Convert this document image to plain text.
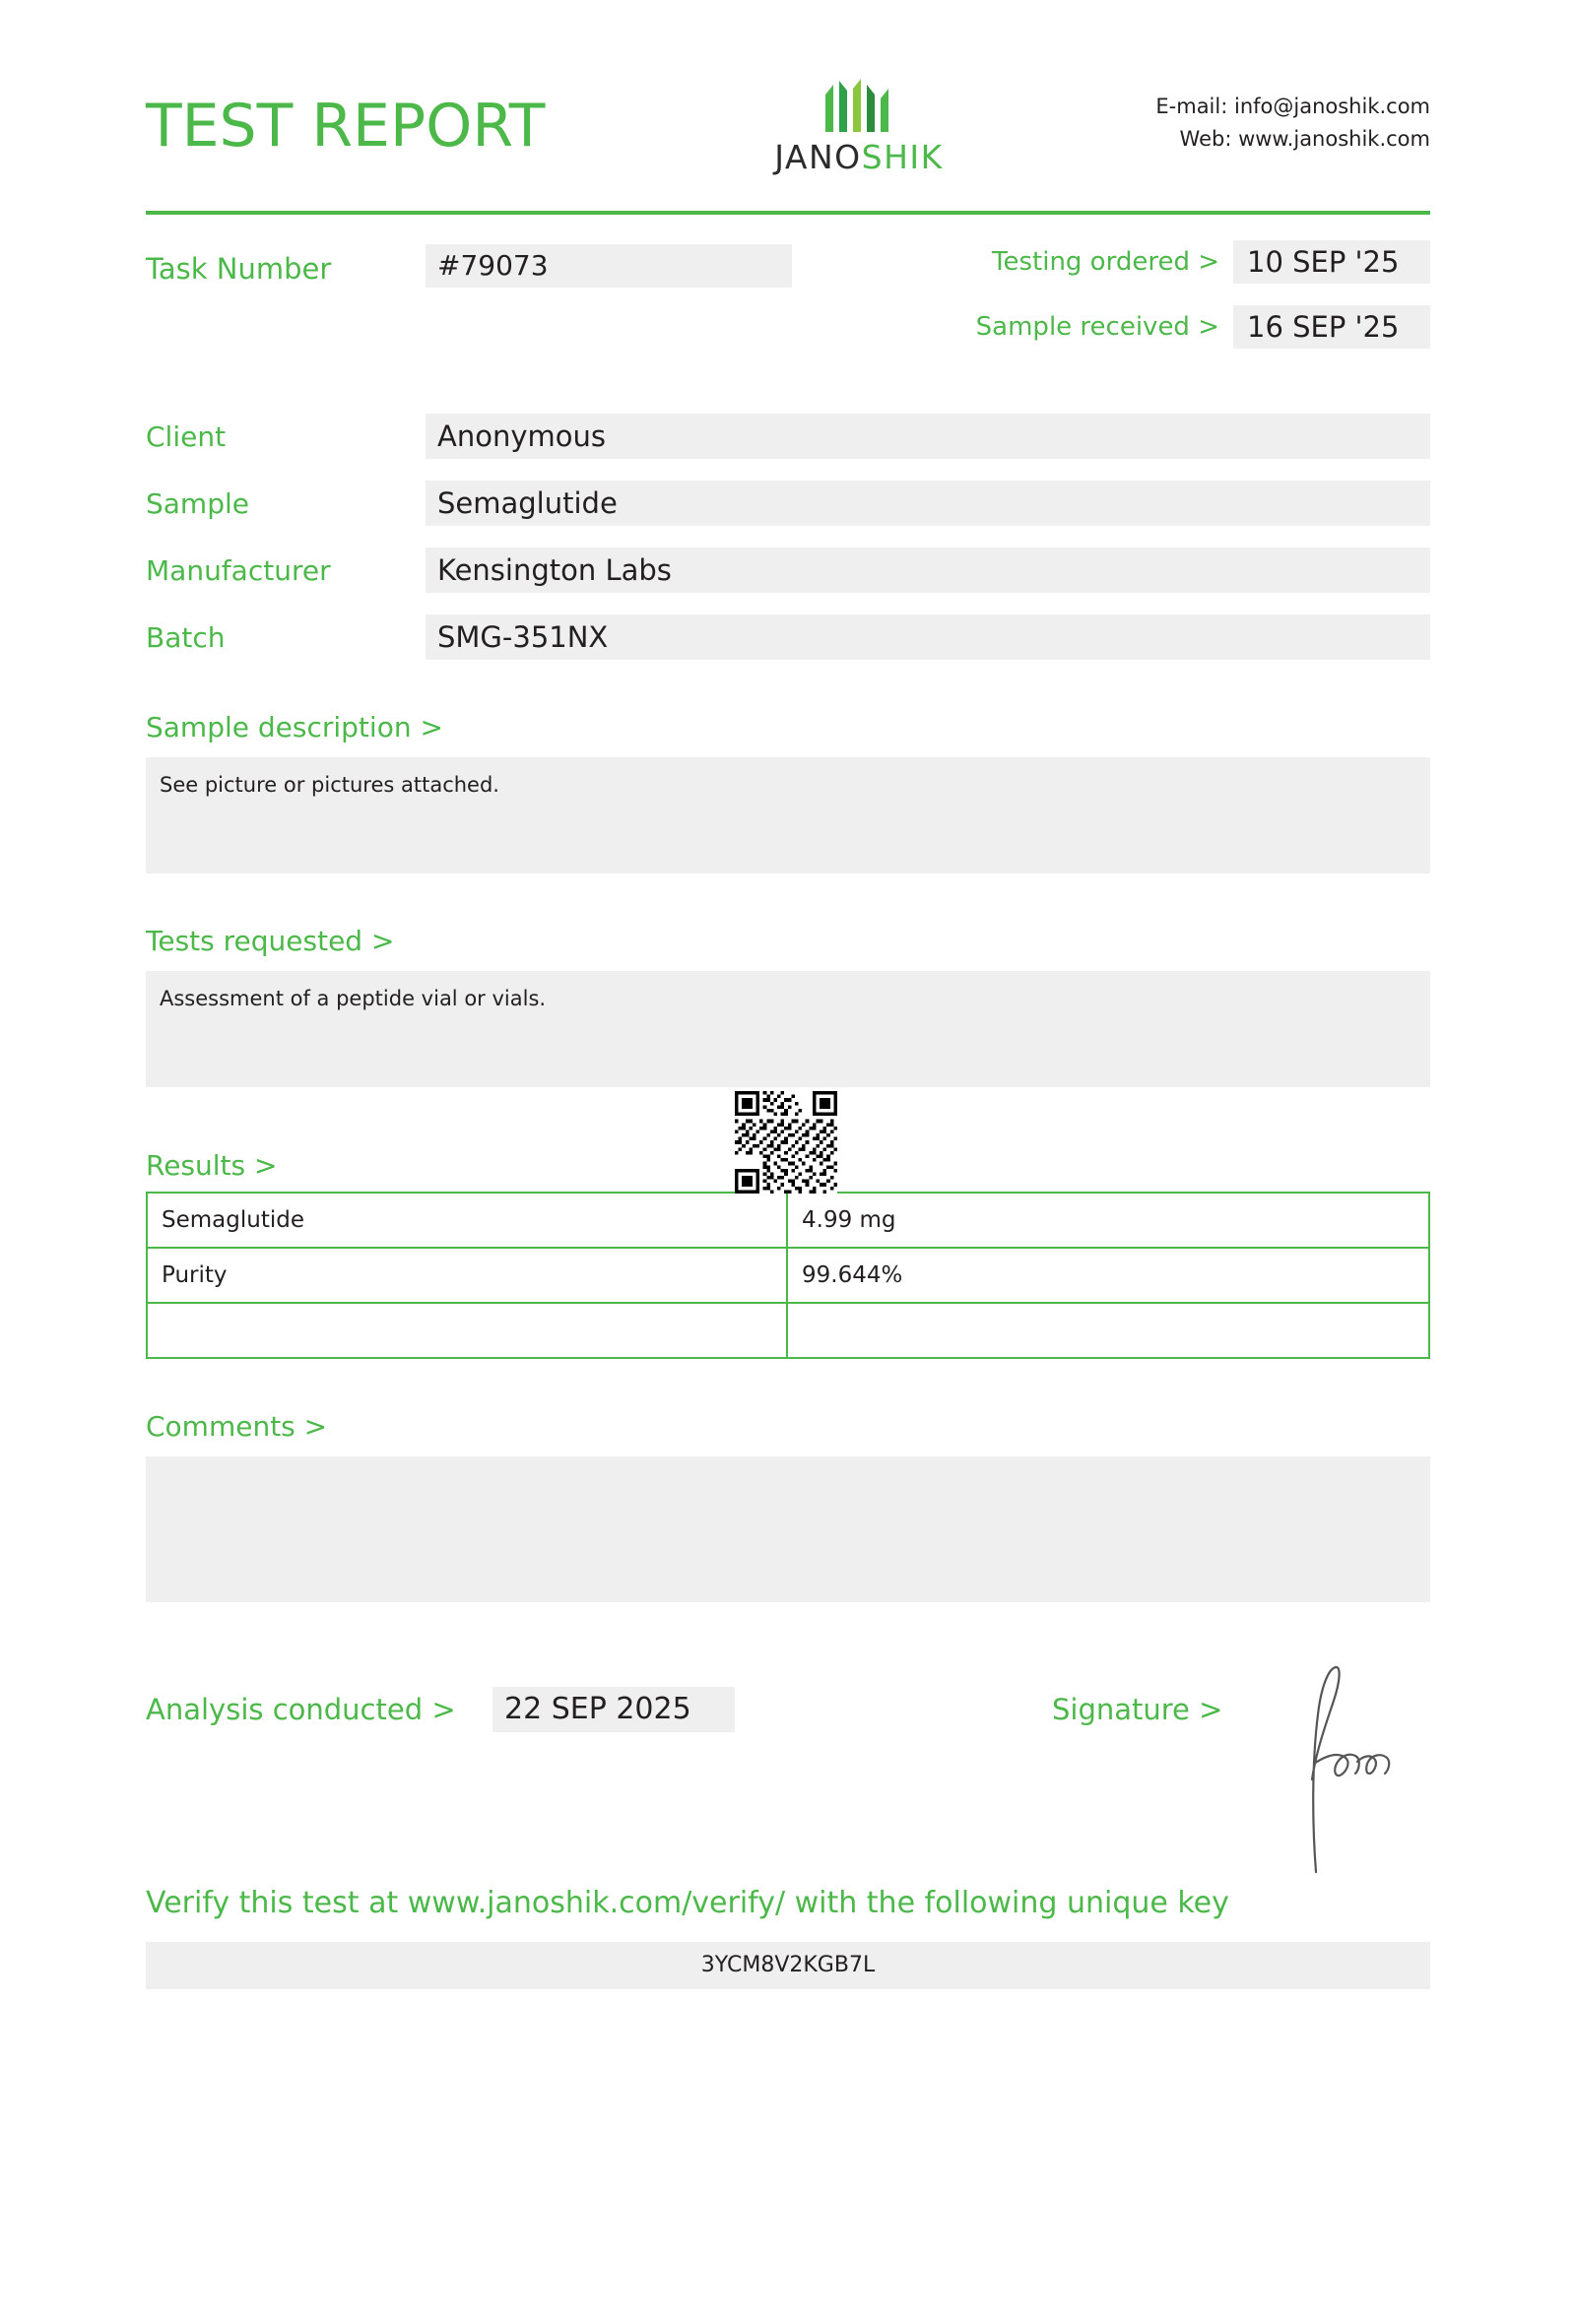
TEST REPORT	JANOSHIK
E-mail: info@janoshik.com
Web: www.janoshik.com
Task Number	#79073	Testing ordered > 10 SEP '25
Sample received > 16 SEP '25
Client	Anonymous
Sample	Semaglutide
Manufacturer	Kensington Labs
Batch	SMG-351NX
Sample description >
See picture or pictures attached.
Tests requested >
Assessment of a peptide vial or vials.
Results >
Semaglutide	4.99 mg
Purity	99.644%

Comments >
Analysis conducted >	22 SEP 2025	Signature >
Verify this test at www.janoshik.com/verify/ with the following unique key
3YCM8V2KGB7L
